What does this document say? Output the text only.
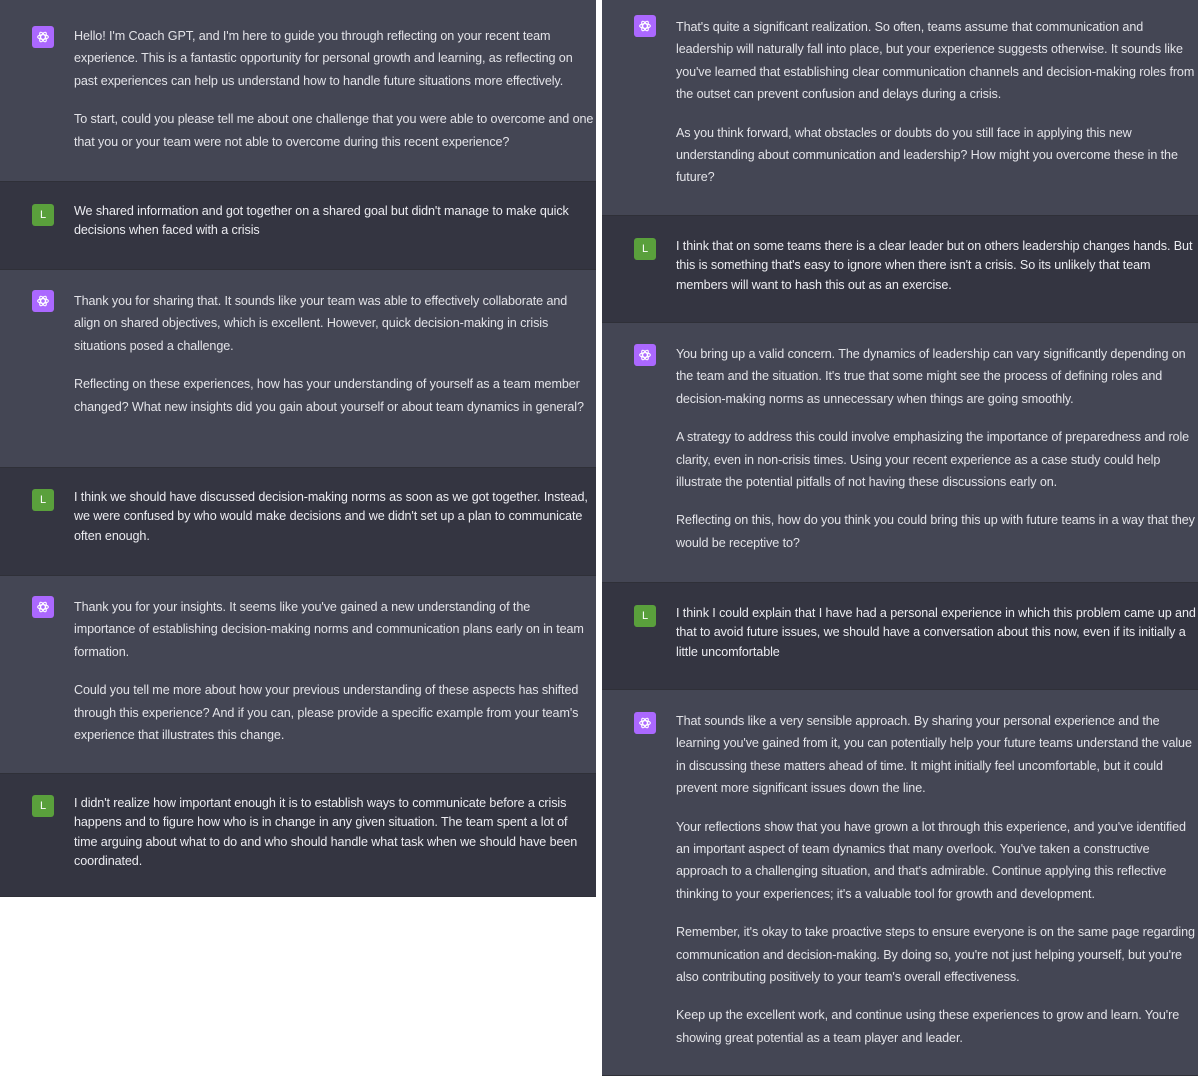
Hello! I'm Coach GPT, and I'm here to guide you through reflecting on your recent team experience. This is a fantastic opportunity for personal growth and learning, as reflecting on past experiences can help us understand how to handle future situations more effectively.

To start, could you please tell me about one challenge that you were able to overcome and one that you or your team were not able to overcome during this recent experience?

L	We shared information and got together on a shared goal but didn't manage to make quick decisions when faced with a crisis

Thank you for sharing that. It sounds like your team was able to effectively collaborate and align on shared objectives, which is excellent. However, quick decision-making in crisis situations posed a challenge.

Reflecting on these experiences, how has your understanding of yourself as a team member changed? What new insights did you gain about yourself or about team dynamics in general?

L	I think we should have discussed decision-making norms as soon as we got together. Instead, we were confused by who would make decisions and we didn't set up a plan to communicate often enough.

Thank you for your insights. It seems like you've gained a new understanding of the importance of establishing decision-making norms and communication plans early on in team formation.

Could you tell me more about how your previous understanding of these aspects has shifted through this experience? And if you can, please provide a specific example from your team's experience that illustrates this change.

L	I didn't realize how important enough it is to establish ways to communicate before a crisis happens and to figure how who is in change in any given situation. The team spent a lot of time arguing about what to do and who should handle what task when we should have been coordinated.

That's quite a significant realization. So often, teams assume that communication and leadership will naturally fall into place, but your experience suggests otherwise. It sounds like you've learned that establishing clear communication channels and decision-making roles from the outset can prevent confusion and delays during a crisis.

As you think forward, what obstacles or doubts do you still face in applying this new understanding about communication and leadership? How might you overcome these in the future?

L	I think that on some teams there is a clear leader but on others leadership changes hands. But this is something that's easy to ignore when there isn't a crisis. So its unlikely that team members will want to hash this out as an exercise.

You bring up a valid concern. The dynamics of leadership can vary significantly depending on the team and the situation. It's true that some might see the process of defining roles and decision-making norms as unnecessary when things are going smoothly.

A strategy to address this could involve emphasizing the importance of preparedness and role clarity, even in non-crisis times. Using your recent experience as a case study could help illustrate the potential pitfalls of not having these discussions early on.

Reflecting on this, how do you think you could bring this up with future teams in a way that they would be receptive to?

L	I think I could explain that I have had a personal experience in which this problem came up and that to avoid future issues, we should have a conversation about this now, even if its initially a little uncomfortable

That sounds like a very sensible approach. By sharing your personal experience and the learning you've gained from it, you can potentially help your future teams understand the value in discussing these matters ahead of time. It might initially feel uncomfortable, but it could prevent more significant issues down the line.

Your reflections show that you have grown a lot through this experience, and you've identified an important aspect of team dynamics that many overlook. You've taken a constructive approach to a challenging situation, and that's admirable. Continue applying this reflective thinking to your experiences; it's a valuable tool for growth and development.

Remember, it's okay to take proactive steps to ensure everyone is on the same page regarding communication and decision-making. By doing so, you're not just helping yourself, but you're also contributing positively to your team's overall effectiveness.

Keep up the excellent work, and continue using these experiences to grow and learn. You're showing great potential as a team player and leader.
